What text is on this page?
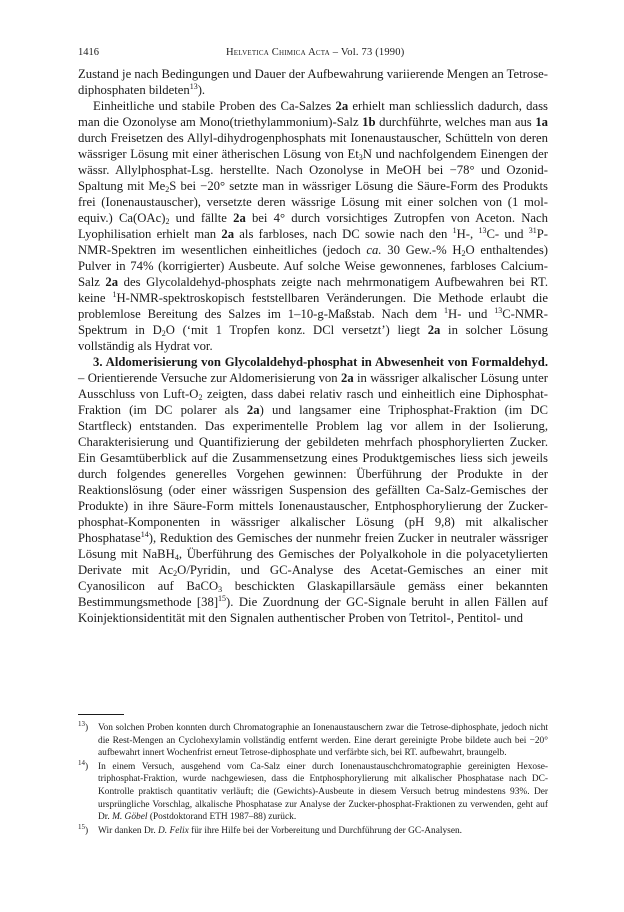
1416	Helvetica Chimica Acta – Vol. 73 (1990)

Zustand je nach Bedingungen und Dauer der Aufbewahrung variierende Mengen an Tetrose-diphosphaten bildeten$^{13}$).

Einheitliche und stabile Proben des Ca-Salzes 2a erhielt man schliesslich dadurch, dass man die Ozonolyse am Mono(triethylammonium)-Salz 1b durchführte, welches man aus 1a durch Freisetzen des Allyl-dihydrogenphosphats mit Ionenaustauscher, Schütteln von deren wässriger Lösung mit einer ätherischen Lösung von $Et_3N$ und nachfolgendem Einengen der wässr. Allylphosphat-Lsg. herstellte. Nach Ozonolyse in MeOH bei −78° und Ozonid-Spaltung mit $Me_2S$ bei −20° setzte man in wässriger Lösung die Säure-Form des Produkts frei (Ionenaustauscher), versetzte deren wässrige Lösung mit einer solchen von (1 mol-equiv.) $Ca(OAc)_2$ und fällte 2a bei 4° durch vorsichtiges Zutropfen von Aceton. Nach Lyophilisation erhielt man 2a als farbloses, nach DC sowie nach den $^1$H-, $^{13}$C- und $^{31}$P-NMR-Spektren im wesentlichen einheitliches (jedoch ca. 30 Gew.-% $H_2O$ enthaltendes) Pulver in 74% (korrigierter) Ausbeute. Auf solche Weise gewonnenes, farbloses Calcium-Salz 2a des Glycolaldehyd-phosphats zeigte nach mehrmonatigem Aufbewahren bei RT. keine $^1$H-NMR-spektroskopisch feststellbaren Veränderungen. Die Methode erlaubt die problemlose Bereitung des Salzes im 1–10-g-Maßstab. Nach dem $^1$H- und $^{13}$C-NMR-Spektrum in $D_2O$ (‘mit 1 Tropfen konz. DCl versetzt’) liegt 2a in solcher Lösung vollständig als Hydrat vor.

3. Aldomerisierung von Glycolaldehyd-phosphat in Abwesenheit von Formaldehyd. – Orientierende Versuche zur Aldomerisierung von 2a in wässriger alkalischer Lösung unter Ausschluss von Luft-$O_2$ zeigten, dass dabei relativ rasch und einheitlich eine Diphosphat-Fraktion (im DC polarer als 2a) und langsamer eine Triphosphat-Fraktion (im DC Startfleck) entstanden. Das experimentelle Problem lag vor allem in der Isolierung, Charakterisierung und Quantifizierung der gebildeten mehrfach phosphorylierten Zucker. Ein Gesamtüberblick auf die Zusammensetzung eines Produktgemisches liess sich jeweils durch folgendes generelles Vorgehen gewinnen: Überführung der Produkte in der Reaktionslösung (oder einer wässrigen Suspension des gefällten Ca-Salz-Gemisches der Produkte) in ihre Säure-Form mittels Ionenaustauscher, Entphosphorylierung der Zucker-phosphat-Komponenten in wässriger alkalischer Lösung (pH 9,8) mit alkalischer Phosphatase$^{14}$), Reduktion des Gemisches der nunmehr freien Zucker in neutraler wässriger Lösung mit NaBH$_4$, Überführung des Gemisches der Polyalkohole in die polyacetylierten Derivate mit $Ac_2O$/Pyridin, und GC-Analyse des Acetat-Gemisches an einer mit Cyanosilicon auf BaCO$_3$ beschickten Glaskapillarsäule gemäss einer bekannten Bestimmungsmethode $[38]^{15}$). Die Zuordnung der GC-Signale beruht in allen Fällen auf Koinjektionsidentität mit den Signalen authentischer Proben von Tetritol-, Pentitol- und

$^{13}$) Von solchen Proben konnten durch Chromatographie an Ionenaustauschern zwar die Tetrose-diphosphate, jedoch nicht die Rest-Mengen an Cyclohexylamin vollständig entfernt werden. Eine derart gereinigte Probe bildete auch bei −20° aufbewahrt innert Wochenfrist erneut Tetrose-diphosphate und verfärbte sich, bei RT. aufbewahrt, braungelb.
$^{14}$) In einem Versuch, ausgehend vom Ca-Salz einer durch Ionenaustauschchromatographie gereinigten Hexose-triphosphat-Fraktion, wurde nachgewiesen, dass die Entphosphorylierung mit alkalischer Phosphatase nach DC-Kontrolle praktisch quantitativ verläuft; die (Gewichts)-Ausbeute in diesem Versuch betrug mindestens 93%. Der ursprüngliche Vorschlag, alkalische Phosphatase zur Analyse der Zucker-phosphat-Fraktionen zu verwenden, geht auf Dr. M. Göbel (Postdoktorand ETH 1987–88) zurück.
$^{15}$) Wir danken Dr. D. Felix für ihre Hilfe bei der Vorbereitung und Durchführung der GC-Analysen.
